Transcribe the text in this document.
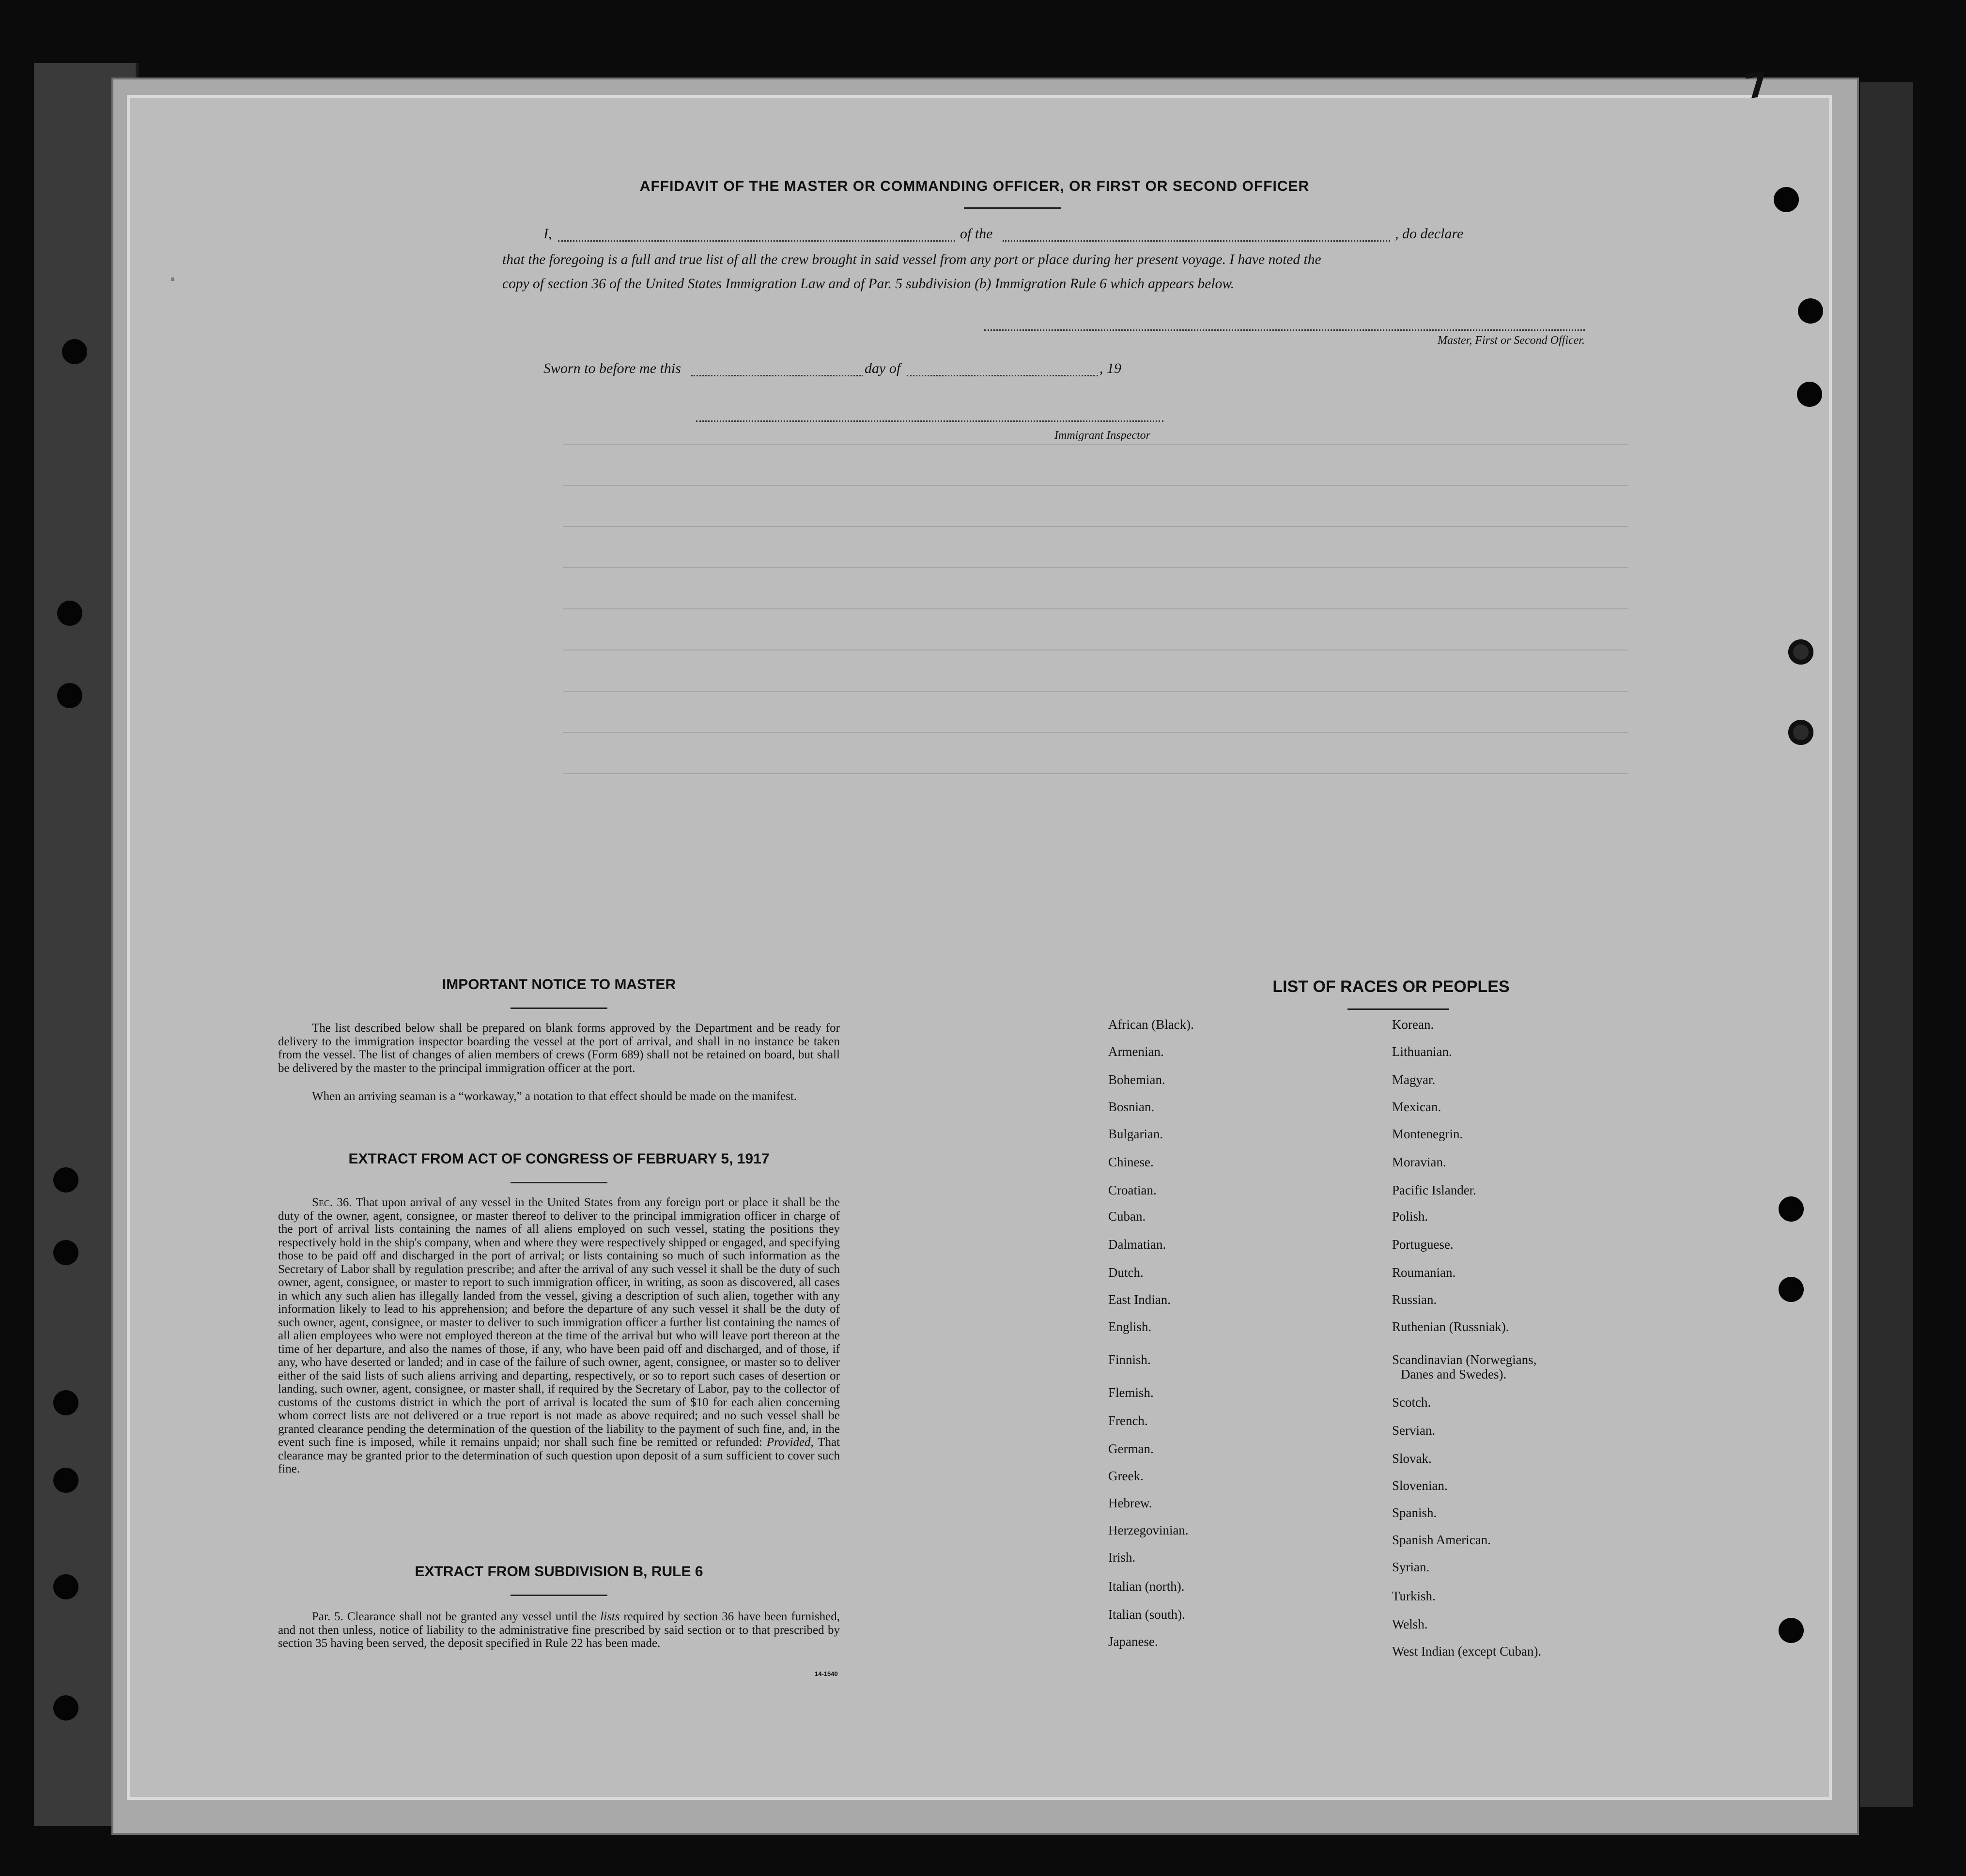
7
AFFIDAVIT OF THE MASTER OR COMMANDING OFFICER, OR FIRST OR SECOND OFFICER
I,	of the	, do declare
that the foregoing is a full and true list of all the crew brought in said vessel from any port or place during her present voyage. I have noted the
copy of section 36 of the United States Immigration Law and of Par. 5 subdivision (b) Immigration Rule 6 which appears below.
Master, First or Second Officer.
Sworn to before me this	day of	, 19
Immigrant Inspector
IMPORTANT NOTICE TO MASTER
The list described below shall be prepared on blank forms approved by the Department and be ready for delivery to the immigration inspector boarding the vessel at the port of arrival, and shall in no instance be taken from the vessel. The list of changes of alien members of crews (Form 689) shall not be retained on board, but shall be delivered by the master to the principal immigration officer at the port.
When an arriving seaman is a “workaway,” a notation to that effect should be made on the manifest.
EXTRACT FROM ACT OF CONGRESS OF FEBRUARY 5, 1917
Sec. 36. That upon arrival of any vessel in the United States from any foreign port or place it shall be the duty of the owner, agent, consignee, or master thereof to deliver to the principal immigration officer in charge of the port of arrival lists containing the names of all aliens employed on such vessel, stating the positions they respectively hold in the ship's company, when and where they were respectively shipped or engaged, and specifying those to be paid off and discharged in the port of arrival; or lists containing so much of such information as the Secretary of Labor shall by regulation prescribe; and after the arrival of any such vessel it shall be the duty of such owner, agent, consignee, or master to report to such immigration officer, in writing, as soon as discovered, all cases in which any such alien has illegally landed from the vessel, giving a description of such alien, together with any information likely to lead to his apprehension; and before the departure of any such vessel it shall be the duty of such owner, agent, consignee, or master to deliver to such immigration officer a further list containing the names of all alien employees who were not employed thereon at the time of the arrival but who will leave port thereon at the time of her departure, and also the names of those, if any, who have been paid off and discharged, and of those, if any, who have deserted or landed; and in case of the failure of such owner, agent, consignee, or master so to deliver either of the said lists of such aliens arriving and departing, respectively, or so to report such cases of desertion or landing, such owner, agent, consignee, or master shall, if required by the Secretary of Labor, pay to the collector of customs of the customs district in which the port of arrival is located the sum of $10 for each alien concerning whom correct lists are not delivered or a true report is not made as above required; and no such vessel shall be granted clearance pending the determination of the question of the liability to the payment of such fine, and, in the event such fine is imposed, while it remains unpaid; nor shall such fine be remitted or refunded: Provided, That clearance may be granted prior to the determination of such question upon deposit of a sum sufficient to cover such fine.
EXTRACT FROM SUBDIVISION B, RULE 6
Par. 5. Clearance shall not be granted any vessel until the lists required by section 36 have been furnished, and not then unless, notice of liability to the administrative fine prescribed by said section or to that prescribed by section 35 having been served, the deposit specified in Rule 22 has been made.
14-1540
LIST OF RACES OR PEOPLES
Danes and Swedes).
.
African (Black).
Armenian.
Bohemian.
Bosnian.
Bulgarian.
Chinese.
Croatian.
Cuban.
Dalmatian.
Dutch.
East Indian.
English.
Finnish.
Flemish.
French.
German.
Greek.
Hebrew.
Herzegovinian.
Irish.
Italian (north).
Italian (south).
Japanese.
Korean.
Lithuanian.
Magyar.
Mexican.
Montenegrin.
Moravian.
Pacific Islander.
Polish.
Portuguese.
Roumanian.
Russian.
Ruthenian (Russniak).
Scandinavian (Norwegians,
Scotch.
Servian.
Slovak.
Slovenian.
Spanish.
Spanish American.
Syrian.
Turkish.
Welsh.
West Indian (except Cuban).
